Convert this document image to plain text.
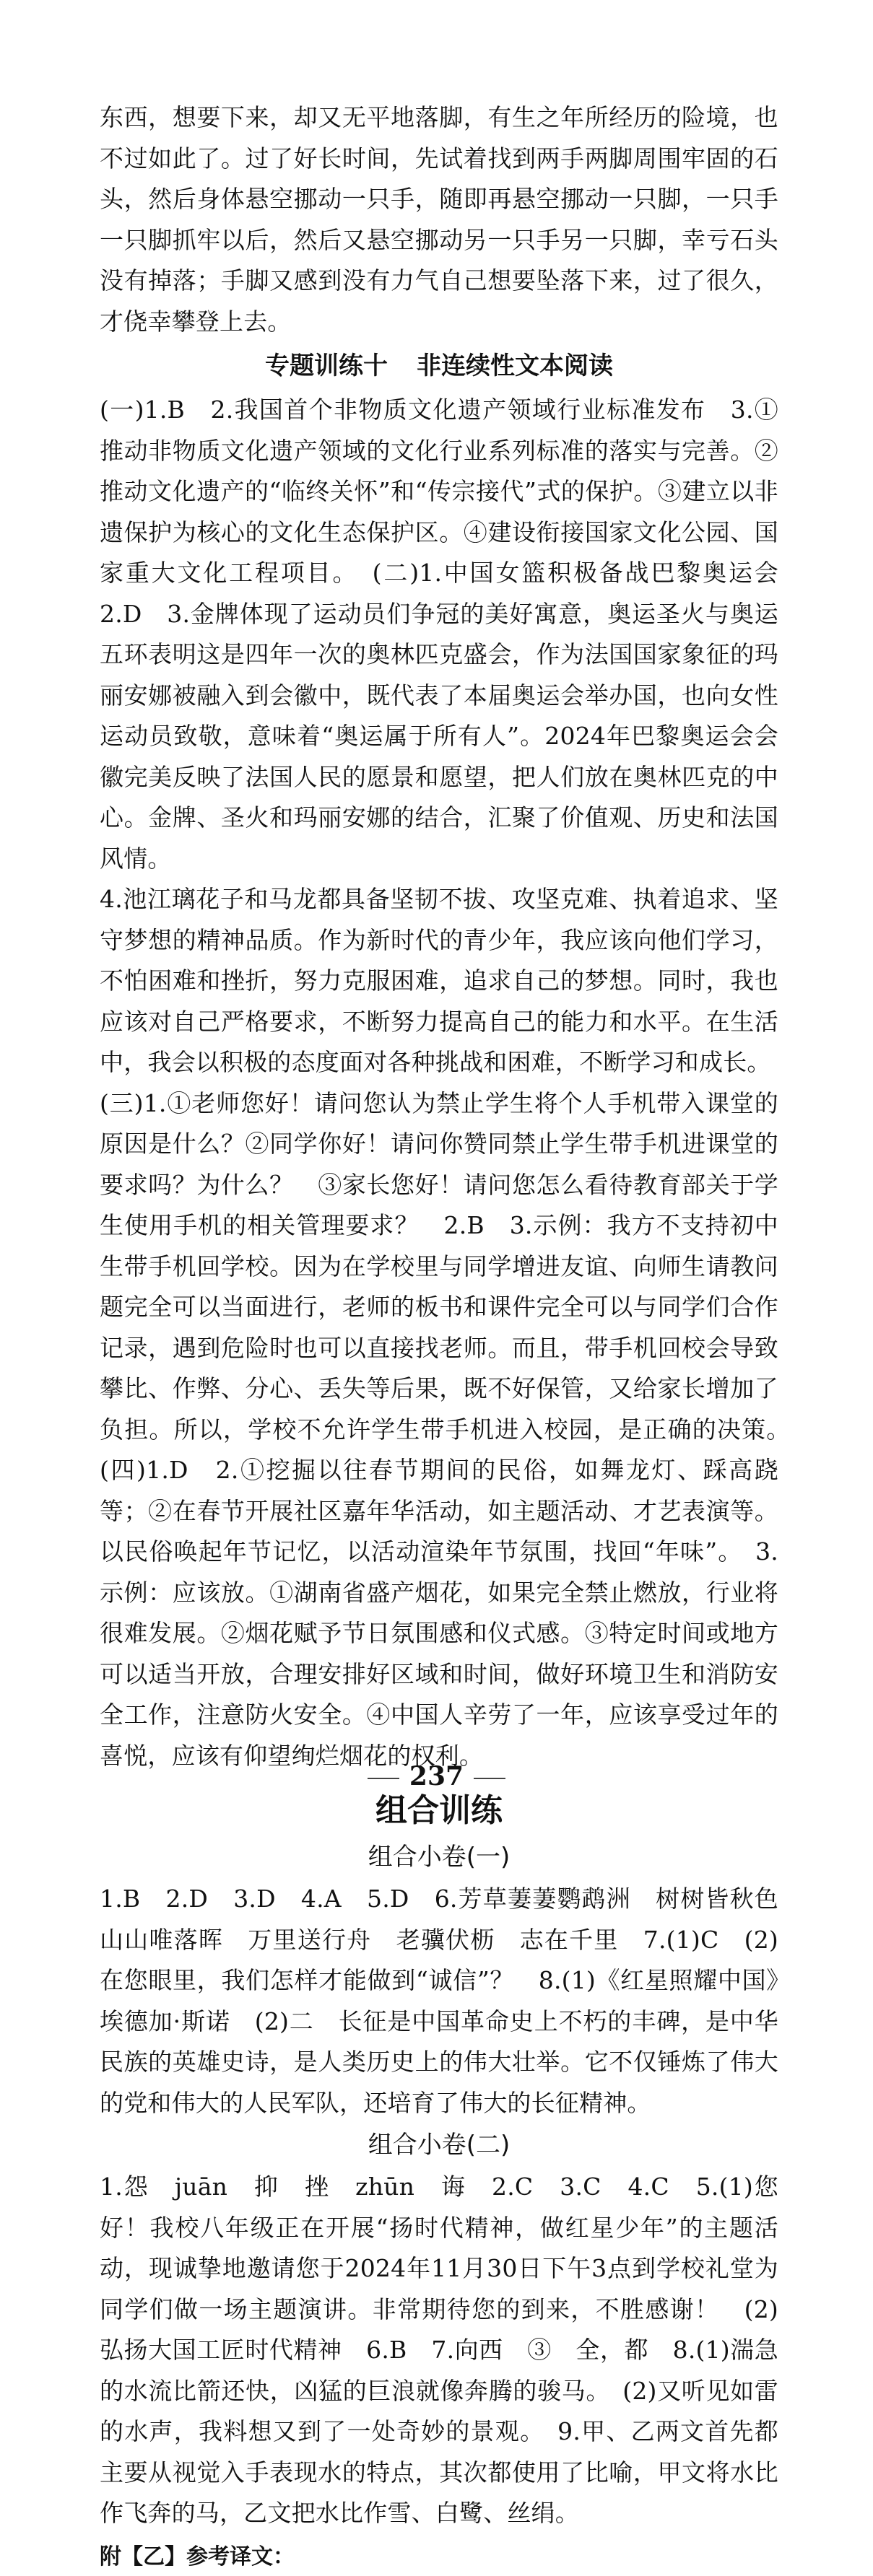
东西，想要下来，却又无平地落脚，有生之年所经历的险境，也不过如此了。过了好长时间，先试着找到两手两脚周围牢固的石头，然后身体悬空挪动一只手，随即再悬空挪动一只脚，一只手一只脚抓牢以后，然后又悬空挪动另一只手另一只脚，幸亏石头没有掉落；手脚又感到没有力气自己想要坠落下来，过了很久，才侥幸攀登上去。

专题训练十 非连续性文本阅读

(一)1.B　2.我国首个非物质文化遗产领域行业标准发布　3.①推动非物质文化遗产领域的文化行业系列标准的落实与完善。②推动文化遗产的“临终关怀”和“传宗接代”式的保护。③建立以非遗保护为核心的文化生态保护区。④建设衔接国家文化公园、国家重大文化工程项目。　(二)1.中国女篮积极备战巴黎奥运会　2.D　3.金牌体现了运动员们争冠的美好寓意，奥运圣火与奥运五环表明这是四年一次的奥林匹克盛会，作为法国国家象征的玛丽安娜被融入到会徽中，既代表了本届奥运会举办国，也向女性运动员致敬，意味着“奥运属于所有人”。2024年巴黎奥运会会徽完美反映了法国人民的愿景和愿望，把人们放在奥林匹克的中心。金牌、圣火和玛丽安娜的结合，汇聚了价值观、历史和法国风情。

4.池江璃花子和马龙都具备坚韧不拔、攻坚克难、执着追求、坚守梦想的精神品质。作为新时代的青少年，我应该向他们学习，不怕困难和挫折，努力克服困难，追求自己的梦想。同时，我也应该对自己严格要求，不断努力提高自己的能力和水平。在生活中，我会以积极的态度面对各种挑战和困难，不断学习和成长。

(三)1.①老师您好！请问您认为禁止学生将个人手机带入课堂的原因是什么？②同学你好！请问你赞同禁止学生带手机进课堂的要求吗？为什么？　③家长您好！请问您怎么看待教育部关于学生使用手机的相关管理要求？　2.B　3.示例：我方不支持初中生带手机回学校。因为在学校里与同学增进友谊、向师生请教问题完全可以当面进行，老师的板书和课件完全可以与同学们合作记录，遇到危险时也可以直接找老师。而且，带手机回校会导致攀比、作弊、分心、丢失等后果，既不好保管，又给家长增加了负担。所以，学校不允许学生带手机进入校园，是正确的决策。　(四)1.D　2.①挖掘以往春节期间的民俗，如舞龙灯、踩高跷等；②在春节开展社区嘉年华活动，如主题活动、才艺表演等。以民俗唤起年节记忆，以活动渲染年节氛围，找回“年味”。　3.示例：应该放。①湖南省盛产烟花，如果完全禁止燃放，行业将很难发展。②烟花赋予节日氛围感和仪式感。③特定时间或地方可以适当开放，合理安排好区域和时间，做好环境卫生和消防安全工作，注意防火安全。④中国人辛劳了一年，应该享受过年的喜悦，应该有仰望绚烂烟花的权利。

组合训练
组合小卷(一)

1.B　2.D　3.D　4.A　5.D　6.芳草萋萋鹦鹉洲　树树皆秋色　山山唯落晖　万里送行舟　老骥伏枥　志在千里　7.(1)C　(2)在您眼里，我们怎样才能做到“诚信”？　8.(1)《红星照耀中国》　埃德加·斯诺　(2)二　长征是中国革命史上不朽的丰碑，是中华民族的英雄史诗，是人类历史上的伟大壮举。它不仅锤炼了伟大的党和伟大的人民军队，还培育了伟大的长征精神。

组合小卷(二)

1.怨　juān　抑　挫　zhūn　诲　2.C　3.C　4.C　5.(1)您好！我校八年级正在开展“扬时代精神，做红星少年”的主题活动，现诚挚地邀请您于2024年11月30日下午3点到学校礼堂为同学们做一场主题演讲。非常期待您的到来，不胜感谢！　(2)弘扬大国工匠时代精神　6.B　7.向西　③　全，都　8.(1)湍急的水流比箭还快，凶猛的巨浪就像奔腾的骏马。　(2)又听见如雷的水声，我料想又到了一处奇妙的景观。　9.甲、乙两文首先都主要从视觉入手表现水的特点，其次都使用了比喻，甲文将水比作飞奔的马，乙文把水比作雪、白鹭、丝绢。

附【乙】参考译文：
237
